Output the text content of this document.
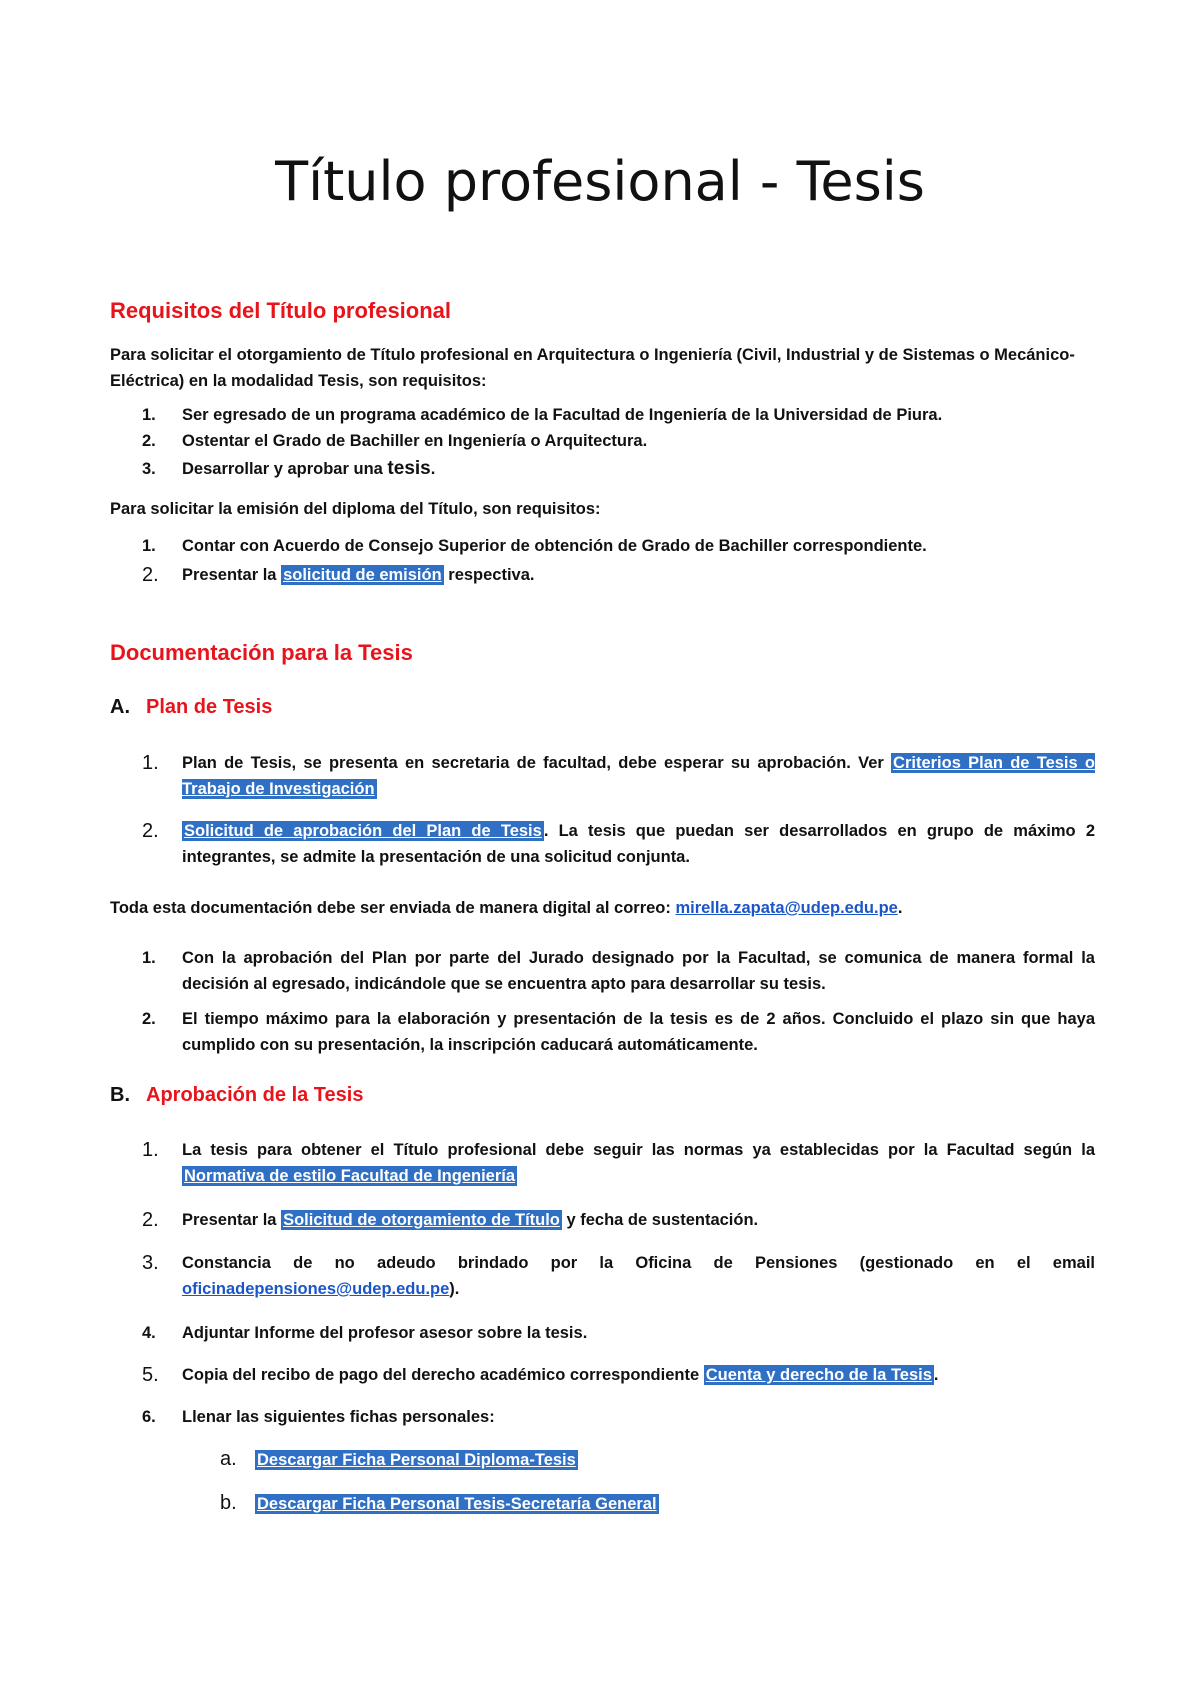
Título profesional - Tesis
Requisitos del Título profesional

Para solicitar el otorgamiento de Título profesional en Arquitectura o Ingeniería (Civil, Industrial y de Sistemas o Mecánico-Eléctrica) en la modalidad Tesis, son requisitos:

1.	Ser egresado de un programa académico de la Facultad de Ingeniería de la Universidad de Piura.
2.	Ostentar el Grado de Bachiller en Ingeniería o Arquitectura.
3.	Desarrollar y aprobar una tesis.

Para solicitar la emisión del diploma del Título, son requisitos:

1.	Contar con Acuerdo de Consejo Superior de obtención de Grado de Bachiller correspondiente.
2.	Presentar la solicitud de emisión respectiva.
Documentación para la Tesis
A. Plan de Tesis
1.	Plan de Tesis, se presenta en secretaria de facultad, debe esperar su aprobación. Ver Criterios Plan de Tesis o Trabajo de Investigación
2.	Solicitud de aprobación del Plan de Tesis . La tesis que puedan ser desarrollados en grupo de máximo 2 integrantes, se admite la presentación de una solicitud conjunta.

Toda esta documentación debe ser enviada de manera digital al correo: mirella.zapata@udep.edu.pe.

1.	Con la aprobación del Plan por parte del Jurado designado por la Facultad, se comunica de manera formal la decisión al egresado, indicándole que se encuentra apto para desarrollar su tesis.
2.	El tiempo máximo para la elaboración y presentación de la tesis es de 2 años. Concluido el plazo sin que haya cumplido con su presentación, la inscripción caducará automáticamente.
B. Aprobación de la Tesis
1.	La tesis para obtener el Título profesional debe seguir las normas ya establecidas por la Facultad según la Normativa de estilo Facultad de Ingeniería
2.	Presentar la Solicitud de otorgamiento de Título y fecha de sustentación.
3.	Constancia de no adeudo brindado por la Oficina de Pensiones (gestionado en el email oficinadepensiones@udep.edu.pe).
4.	Adjuntar Informe del profesor asesor sobre la tesis.
5.	Copia del recibo de pago del derecho académico correspondiente Cuenta y derecho de la Tesis .
6.	Llenar las siguientes fichas personales:
a. Descargar Ficha Personal Diploma-Tesis
b. Descargar Ficha Personal Tesis-Secretaría General
